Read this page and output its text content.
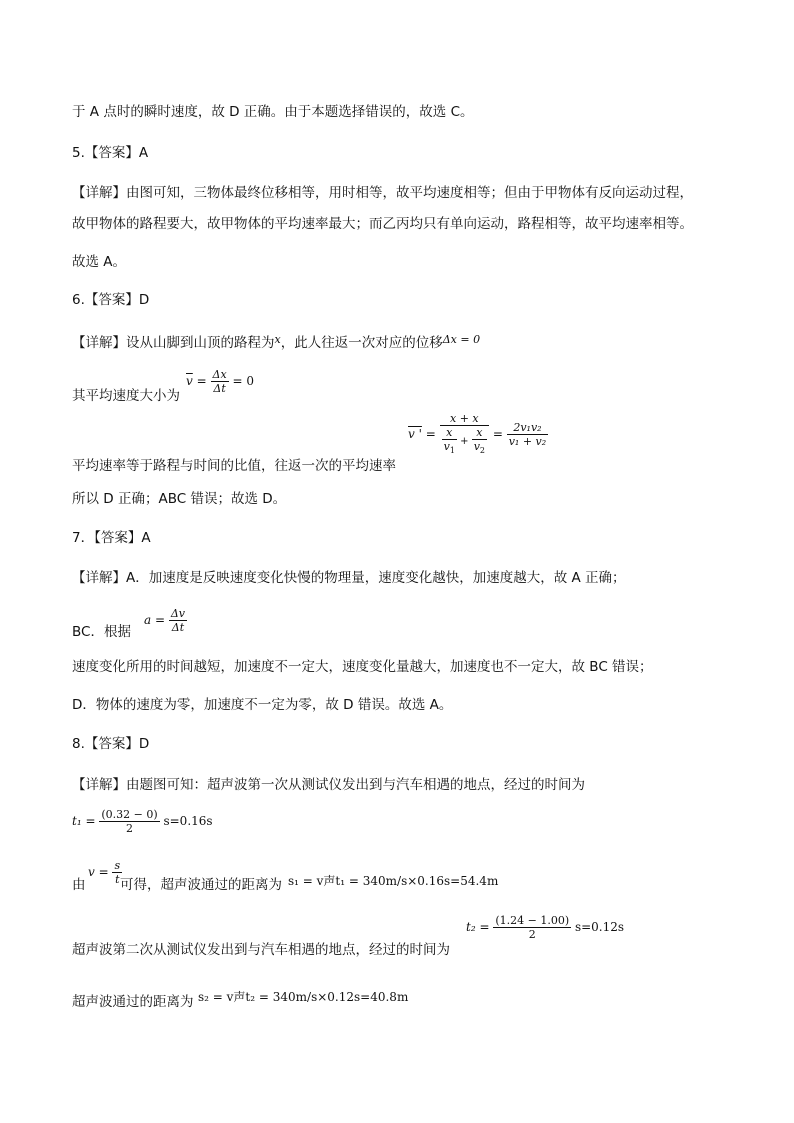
于 A 点时的瞬时速度，故 D 正确。由于本题选择错误的，故选 C。
5.【答案】A
【详解】由图可知，三物体最终位移相等，用时相等，故平均速度相等；但由于甲物体有反向运动过程，
故甲物体的路程要大，故甲物体的平均速率最大；而乙丙均只有单向运动，路程相等，故平均速率相等。
故选 A。
6.【答案】D
【详解】设从山脚到山顶的路程为$^x$，此人往返一次对应的位移$^{\Delta x = 0}$
其平均速度大小为
$\overline{v} = \frac{\Delta x}{\Delta t} = 0$
平均速率等于路程与时间的比值，往返一次的平均速率
v ' = $\frac{x + x}{\frac{x}{v_1} + \frac{x}{v_2}} = \frac{\text{2v₁v₂}}{\text{v₁ + v₂}}$
所以 D 正确；ABC 错误；故选 D。
7．【答案】A
【详解】A．加速度是反映速度变化快慢的物理量，速度变化越快，加速度越大，故 A 正确；
BC．根据
$a = \frac{\Delta v}{\Delta t}$
速度变化所用的时间越短，加速度不一定大，速度变化量越大，加速度也不一定大，故 BC 错误；
D．物体的速度为零，加速度不一定为零，故 D 错误。故选 A。
8.【答案】D
【详解】由题图可知：超声波第一次从测试仪发出到与汽车相遇的地点，经过的时间为
$t_1 = \frac{(0.32 - 0)}{2} s=0.16s$
由
$v = \frac{s}{t}$
可得，超声波通过的距离为 s₁ = v声t₁ = 340m/s×0.16s=54.4m
超声波第二次从测试仪发出到与汽车相遇的地点，经过的时间为
$t_2 = \frac{(1.24 - 1.00)}{2} s=0.12s$
超声波通过的距离为 s₂ = v声t₂ = 340m/s×0.12s=40.8m
